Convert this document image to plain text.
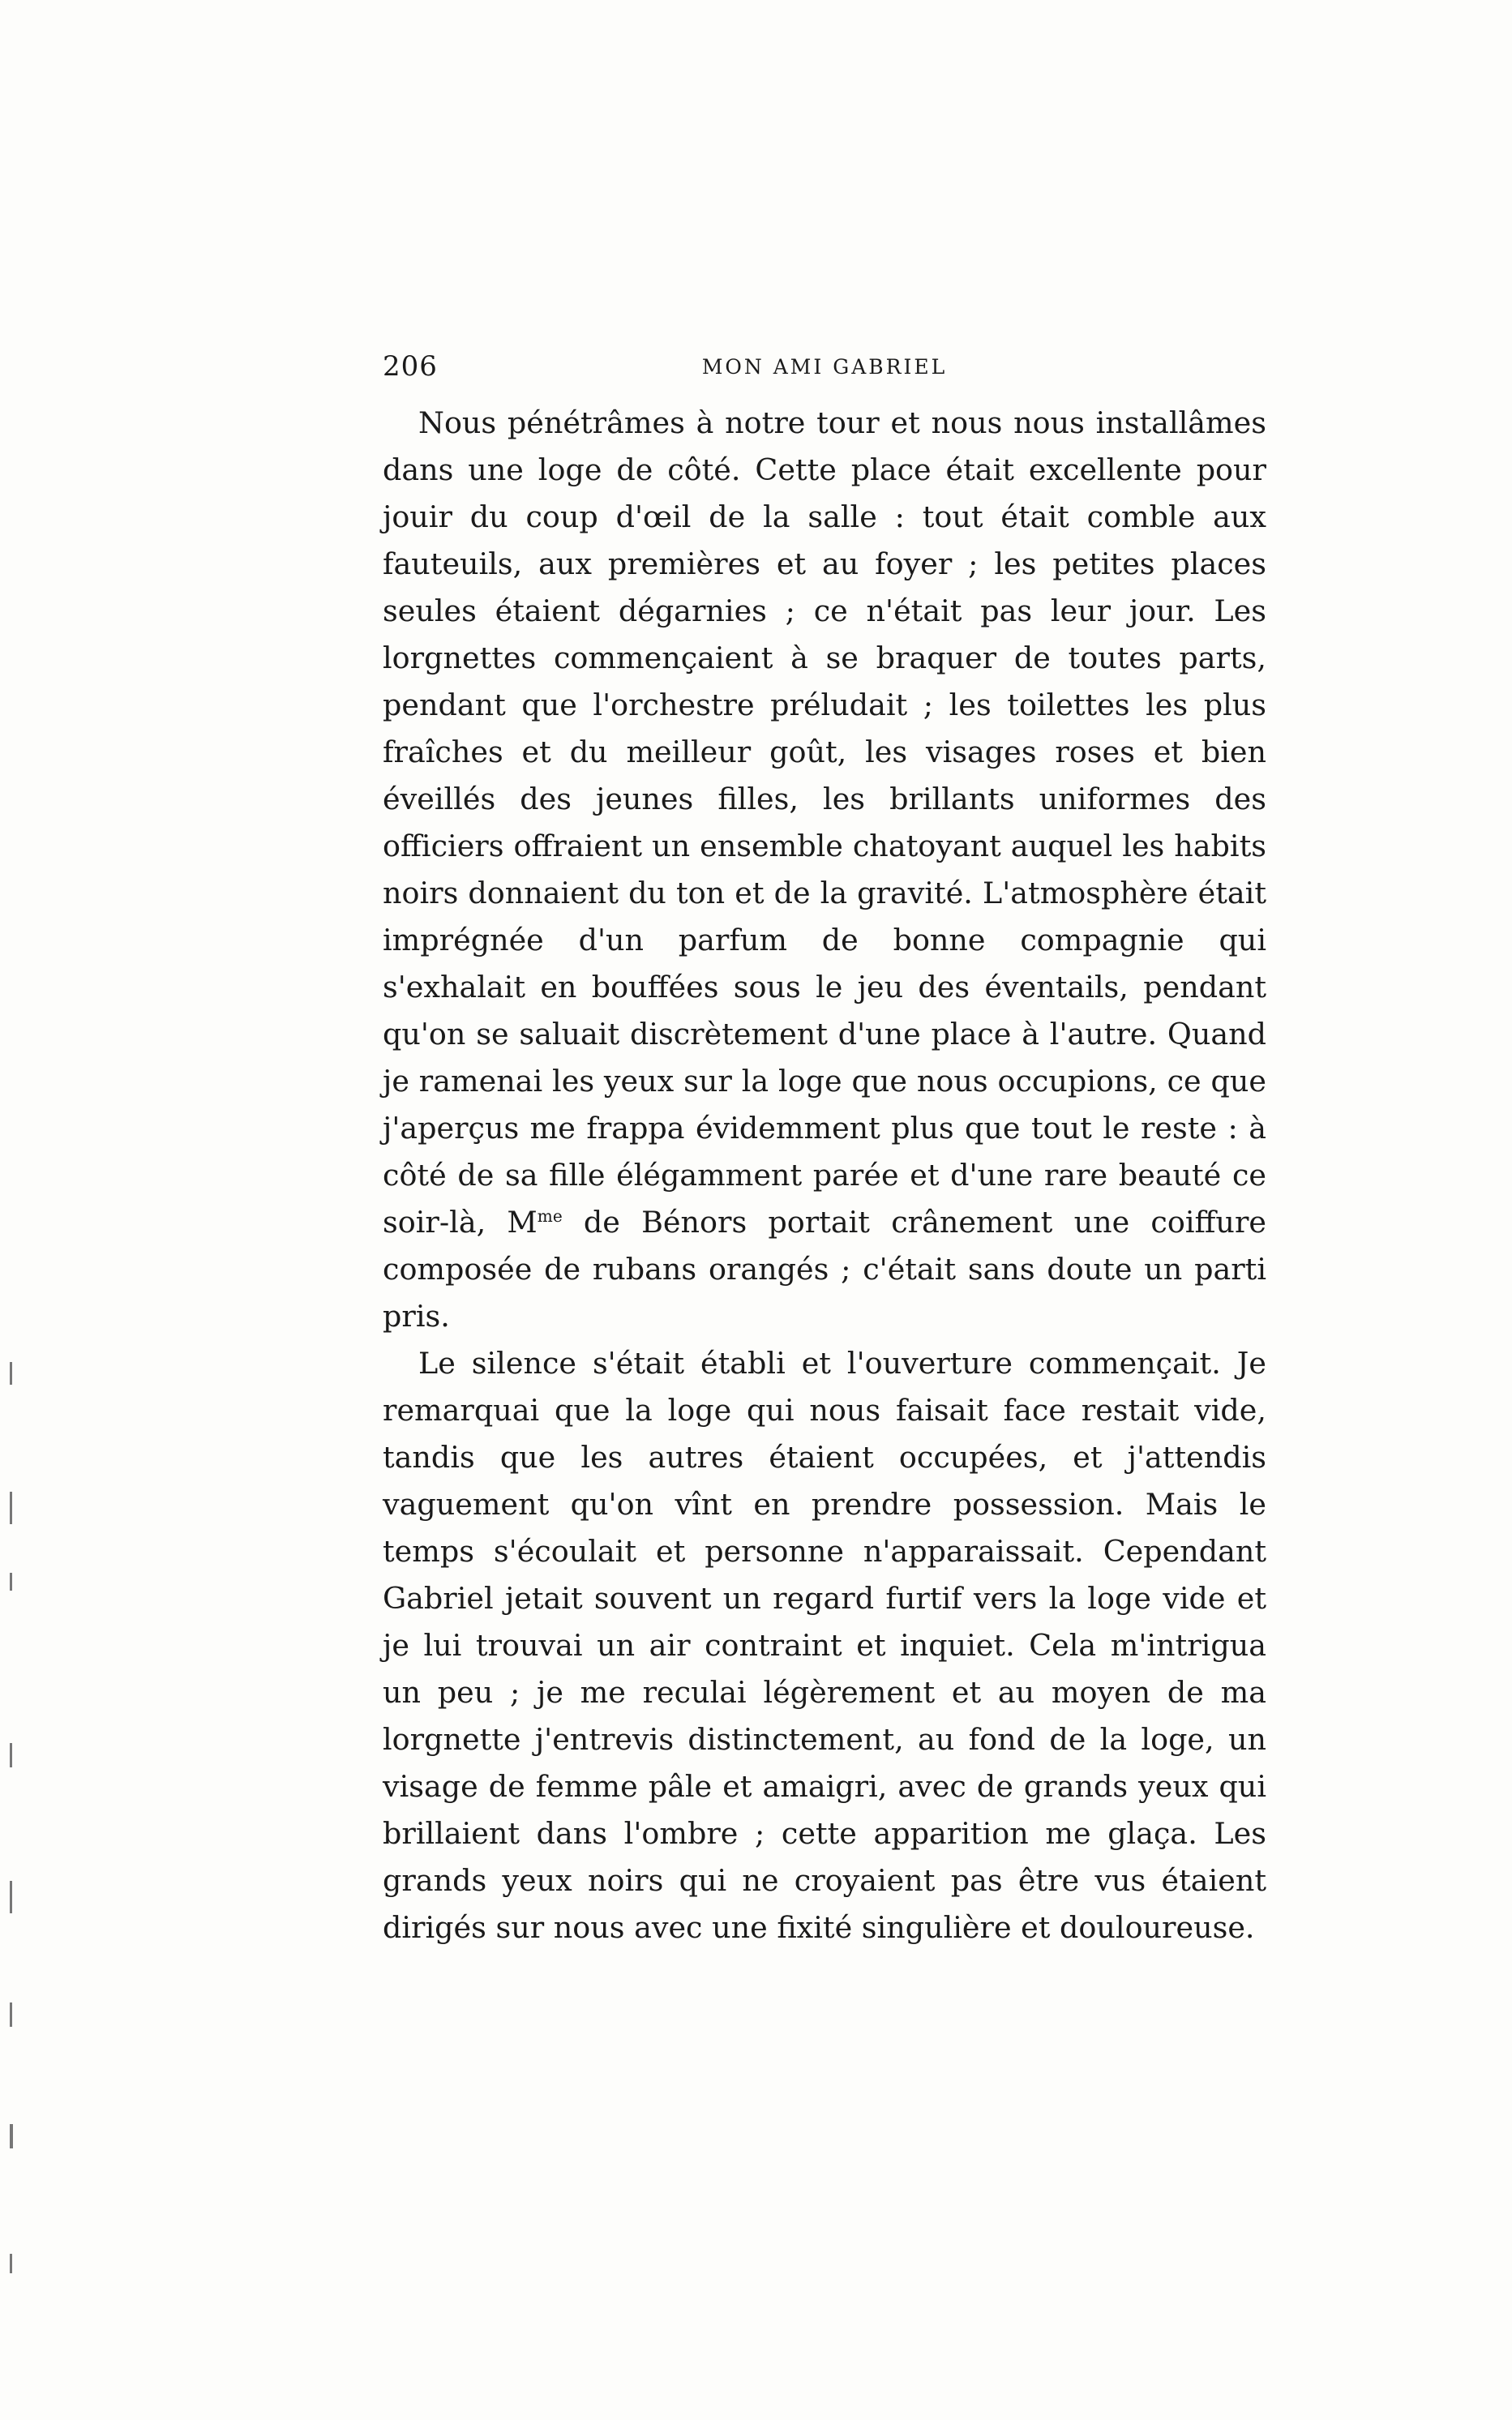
206	MON AMI GABRIEL

Nous pénétrâmes à notre tour et nous nous installâmes dans une loge de côté. Cette place était excellente pour jouir du coup d'œil de la salle : tout était comble aux fauteuils, aux premières et au foyer ; les petites places seules étaient dégarnies ; ce n'était pas leur jour. Les lorgnettes commençaient à se braquer de toutes parts, pendant que l'orchestre préludait ; les toilettes les plus fraîches et du meilleur goût, les visages roses et bien éveillés des jeunes filles, les brillants uniformes des officiers offraient un ensemble chatoyant auquel les habits noirs donnaient du ton et de la gravité. L'atmosphère était imprégnée d'un parfum de bonne compagnie qui s'exhalait en bouffées sous le jeu des éventails, pendant qu'on se saluait discrètement d'une place à l'autre. Quand je ramenai les yeux sur la loge que nous occupions, ce que j'aperçus me frappa évidemment plus que tout le reste : à côté de sa fille élégamment parée et d'une rare beauté ce soir-là, $M^{me}$ de Bénors portait crânement une coiffure composée de rubans orangés ; c'était sans doute un parti pris.

Le silence s'était établi et l'ouverture commençait. Je remarquai que la loge qui nous faisait face restait vide, tandis que les autres étaient occupées, et j'attendis vaguement qu'on vînt en prendre possession. Mais le temps s'écoulait et personne n'apparaissait. Cependant Gabriel jetait souvent un regard furtif vers la loge vide et je lui trouvai un air contraint et inquiet. Cela m'intrigua un peu ; je me reculai légèrement et au moyen de ma lorgnette j'entrevis distinctement, au fond de la loge, un visage de femme pâle et amaigri, avec de grands yeux qui brillaient dans l'ombre ; cette apparition me glaça. Les grands yeux noirs qui ne croyaient pas être vus étaient dirigés sur nous avec une fixité singulière et douloureuse.
